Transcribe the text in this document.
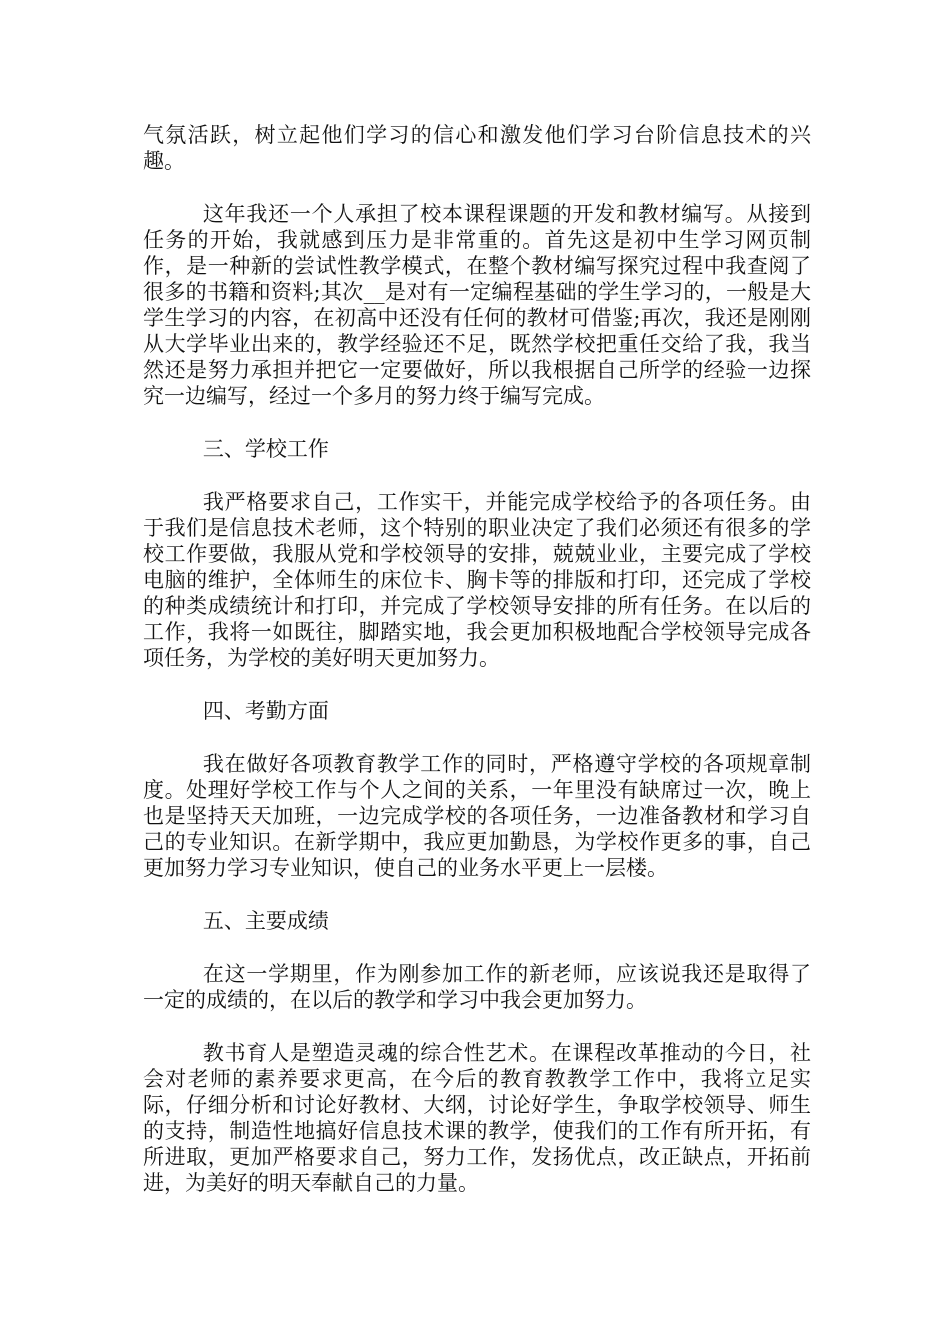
气氛活跃，树立起他们学习的信心和激发他们学习台阶信息技术的兴趣。

这年我还一个人承担了校本课程课题的开发和教材编写。从接到任务的开始，我就感到压力是非常重的。首先这是初中生学习网页制作，是一种新的尝试性教学模式，在整个教材编写探究过程中我查阅了很多的书籍和资料;其次__是对有一定编程基础的学生学习的，一般是大学生学习的内容，在初高中还没有任何的教材可借鉴;再次，我还是刚刚从大学毕业出来的，教学经验还不足，既然学校把重任交给了我，我当然还是努力承担并把它一定要做好，所以我根据自己所学的经验一边探究一边编写，经过一个多月的努力终于编写完成。

三、学校工作

我严格要求自己，工作实干，并能完成学校给予的各项任务。由于我们是信息技术老师，这个特别的职业决定了我们必须还有很多的学校工作要做，我服从党和学校领导的安排，兢兢业业，主要完成了学校电脑的维护，全体师生的床位卡、胸卡等的排版和打印，还完成了学校的种类成绩统计和打印，并完成了学校领导安排的所有任务。在以后的工作，我将一如既往，脚踏实地，我会更加积极地配合学校领导完成各项任务，为学校的美好明天更加努力。

四、考勤方面

我在做好各项教育教学工作的同时，严格遵守学校的各项规章制度。处理好学校工作与个人之间的关系，一年里没有缺席过一次，晚上也是坚持天天加班，一边完成学校的各项任务，一边准备教材和学习自己的专业知识。在新学期中，我应更加勤恳，为学校作更多的事，自己更加努力学习专业知识，使自己的业务水平更上一层楼。

五、主要成绩

在这一学期里，作为刚参加工作的新老师，应该说我还是取得了一定的成绩的，在以后的教学和学习中我会更加努力。

教书育人是塑造灵魂的综合性艺术。在课程改革推动的今日，社会对老师的素养要求更高，在今后的教育教教学工作中，我将立足实际，仔细分析和讨论好教材、大纲，讨论好学生，争取学校领导、师生的支持，制造性地搞好信息技术课的教学，使我们的工作有所开拓，有所进取，更加严格要求自己，努力工作，发扬优点，改正缺点，开拓前进，为美好的明天奉献自己的力量。
